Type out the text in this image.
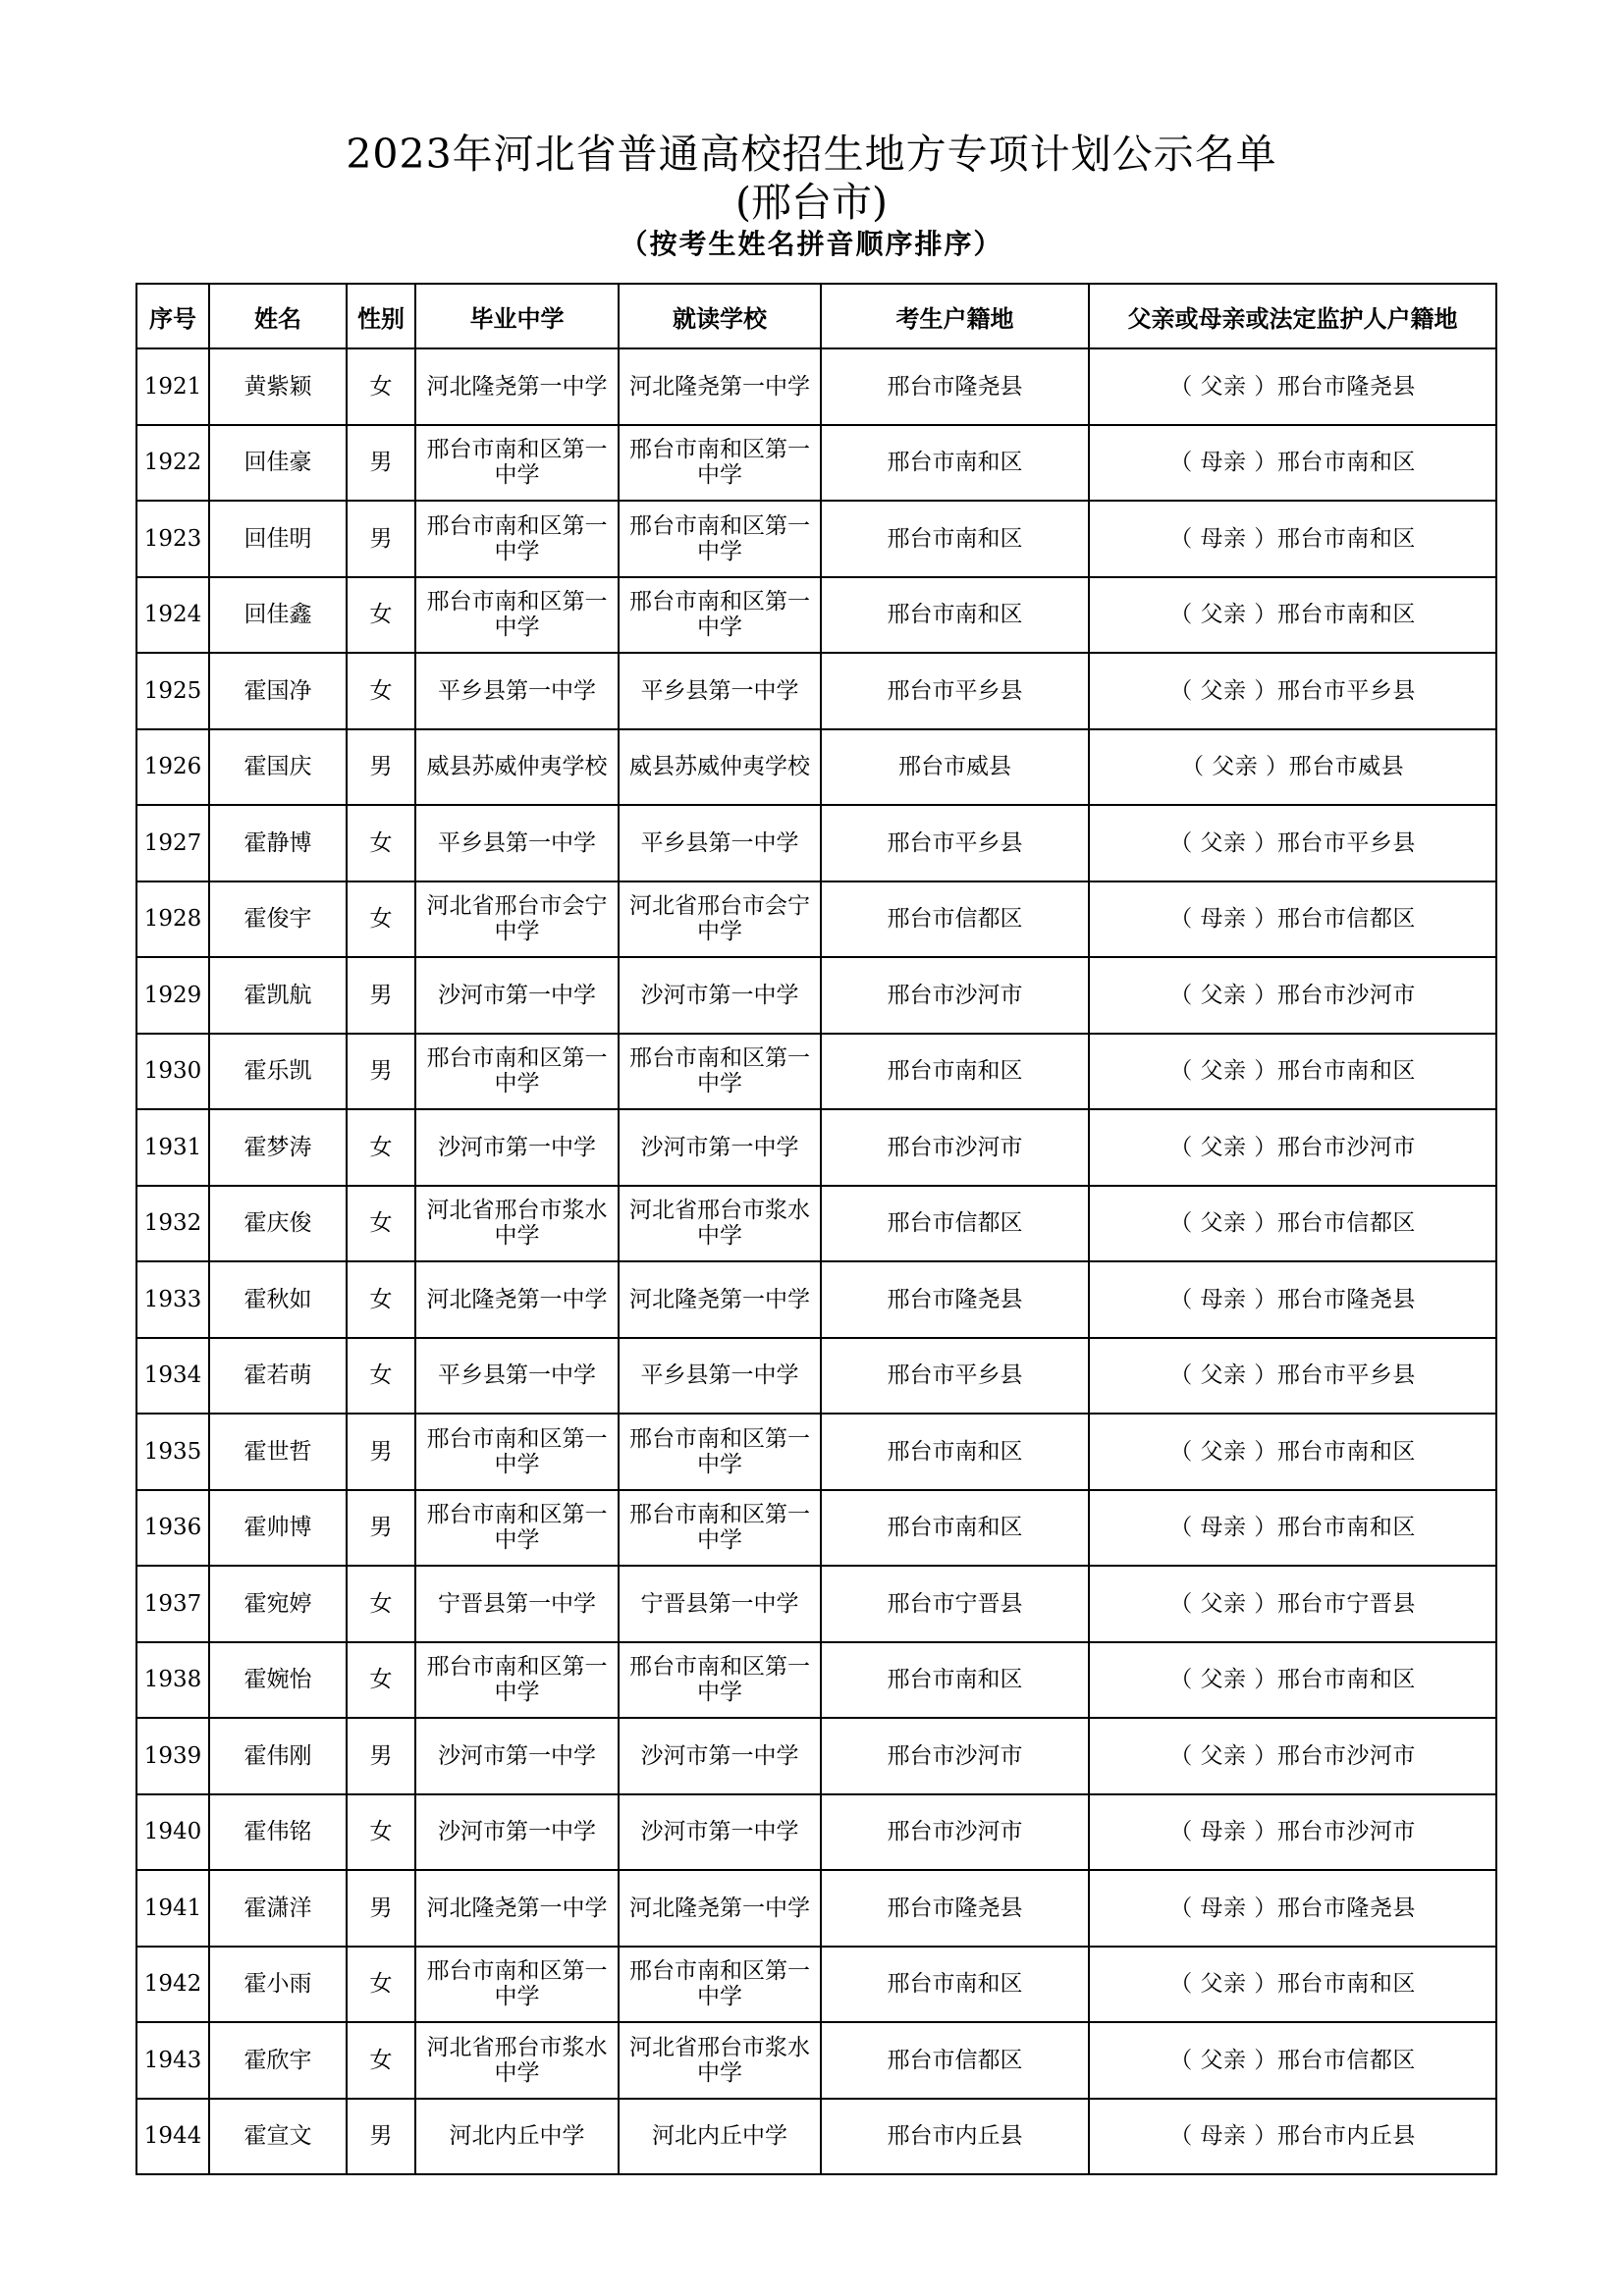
2023年河北省普通高校招生地方专项计划公示名单
(邢台市)
（按考生姓名拼音顺序排序）
序号	姓名	性别	毕业中学	就读学校	考生户籍地	父亲或母亲或法定监护人户籍地
1921	黄紫颖	女	河北隆尧第一中学	河北隆尧第一中学	邢台市隆尧县	（ 父亲 ）邢台市隆尧县
1922	回佳豪	男	邢台市南和区第一中学	邢台市南和区第一中学	邢台市南和区	（ 母亲 ）邢台市南和区
1923	回佳明	男	邢台市南和区第一中学	邢台市南和区第一中学	邢台市南和区	（ 母亲 ）邢台市南和区
1924	回佳鑫	女	邢台市南和区第一中学	邢台市南和区第一中学	邢台市南和区	（ 父亲 ）邢台市南和区
1925	霍国净	女	平乡县第一中学	平乡县第一中学	邢台市平乡县	（ 父亲 ）邢台市平乡县
1926	霍国庆	男	威县苏威仲夷学校	威县苏威仲夷学校	邢台市威县	（ 父亲 ）邢台市威县
1927	霍静博	女	平乡县第一中学	平乡县第一中学	邢台市平乡县	（ 父亲 ）邢台市平乡县
1928	霍俊宇	女	河北省邢台市会宁中学	河北省邢台市会宁中学	邢台市信都区	（ 母亲 ）邢台市信都区
1929	霍凯航	男	沙河市第一中学	沙河市第一中学	邢台市沙河市	（ 父亲 ）邢台市沙河市
1930	霍乐凯	男	邢台市南和区第一中学	邢台市南和区第一中学	邢台市南和区	（ 父亲 ）邢台市南和区
1931	霍梦涛	女	沙河市第一中学	沙河市第一中学	邢台市沙河市	（ 父亲 ）邢台市沙河市
1932	霍庆俊	女	河北省邢台市浆水中学	河北省邢台市浆水中学	邢台市信都区	（ 父亲 ）邢台市信都区
1933	霍秋如	女	河北隆尧第一中学	河北隆尧第一中学	邢台市隆尧县	（ 母亲 ）邢台市隆尧县
1934	霍若萌	女	平乡县第一中学	平乡县第一中学	邢台市平乡县	（ 父亲 ）邢台市平乡县
1935	霍世哲	男	邢台市南和区第一中学	邢台市南和区第一中学	邢台市南和区	（ 父亲 ）邢台市南和区
1936	霍帅博	男	邢台市南和区第一中学	邢台市南和区第一中学	邢台市南和区	（ 母亲 ）邢台市南和区
1937	霍宛婷	女	宁晋县第一中学	宁晋县第一中学	邢台市宁晋县	（ 父亲 ）邢台市宁晋县
1938	霍婉怡	女	邢台市南和区第一中学	邢台市南和区第一中学	邢台市南和区	（ 父亲 ）邢台市南和区
1939	霍伟刚	男	沙河市第一中学	沙河市第一中学	邢台市沙河市	（ 父亲 ）邢台市沙河市
1940	霍伟铭	女	沙河市第一中学	沙河市第一中学	邢台市沙河市	（ 母亲 ）邢台市沙河市
1941	霍潇洋	男	河北隆尧第一中学	河北隆尧第一中学	邢台市隆尧县	（ 母亲 ）邢台市隆尧县
1942	霍小雨	女	邢台市南和区第一中学	邢台市南和区第一中学	邢台市南和区	（ 父亲 ）邢台市南和区
1943	霍欣宇	女	河北省邢台市浆水中学	河北省邢台市浆水中学	邢台市信都区	（ 父亲 ）邢台市信都区
1944	霍宣文	男	河北内丘中学	河北内丘中学	邢台市内丘县	（ 母亲 ）邢台市内丘县
